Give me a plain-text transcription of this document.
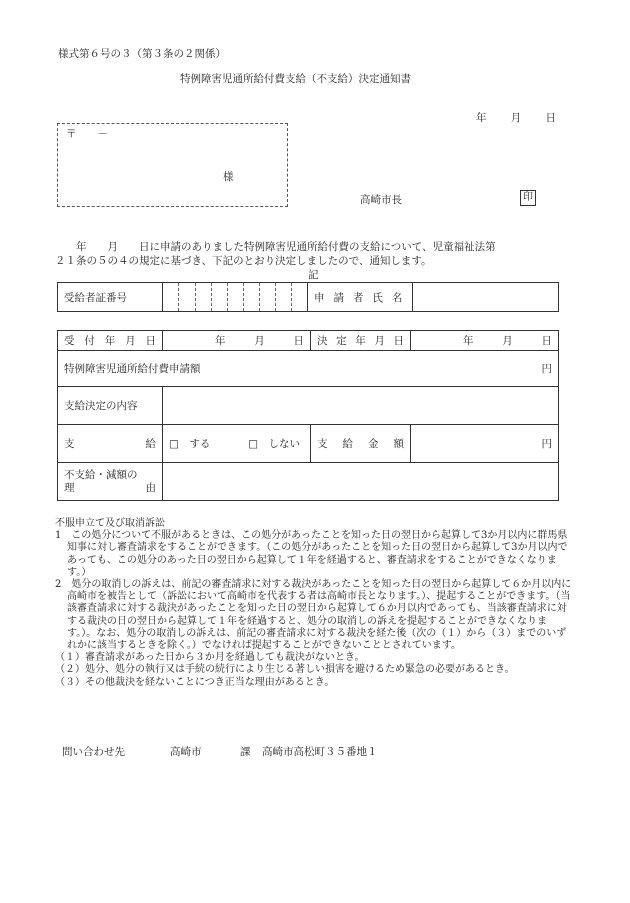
様式第６号の３（第３条の２関係）
特例障害児通所給付費支給（不支給）決定通知書
年 月 日
〒　　－
様
高崎市長	印
　　年　　月　　日に申請のありました特例障害児通所給付費の支給について、児童福祉法第
２１条の５の４の規定に基づき、下記のとおり決定しましたので、通知します。
記
受給者証番号										申 請 者 氏 名

受 付 年 月 日	年 月 日	決 定 年 月 日	年 月 日

特例障害児通所給付費申請額		円	
支給決定の内容			

支 給	□　する □　しない	支 給 金 額	円

不支給・減額の
理 由			

不服申立て及び取消訴訟

1　この処分について不服があるときは、この処分があったことを知った日の翌日から起算して3か月以内に群馬県知事に対し審査請求をすることができます。（この処分があったことを知った日の翌日から起算して3か月以内であっても、この処分のあった日の翌日から起算して１年を経過すると、審査請求をすることができなくなります。）

2　処分の取消しの訴えは、前記の審査請求に対する裁決があったことを知った日の翌日から起算して６か月以内に高崎市を被告として（訴訟において高崎市を代表する者は高崎市長となります。）、提起することができます。（当該審査請求に対する裁決があったことを知った日の翌日から起算して６か月以内であっても、当該審査請求に対する裁決の日の翌日から起算して１年を経過すると、処分の取消しの訴えを提起することができなくなります。）。なお、処分の取消しの訴えは、前記の審査請求に対する裁決を経た後（次の（１）から（３）までのいずれかに該当するときを除く。）でなければ提起することができないこととされています。

（１）審査請求があった日から３か月を経過しても裁決がないとき。

（２）処分、処分の執行又は手続の続行により生じる著しい損害を避けるため緊急の必要があるとき。

（３）その他裁決を経ないことにつき正当な理由があるとき。

問い合わせ先	高崎市	課 高崎市高松町３５番地１
